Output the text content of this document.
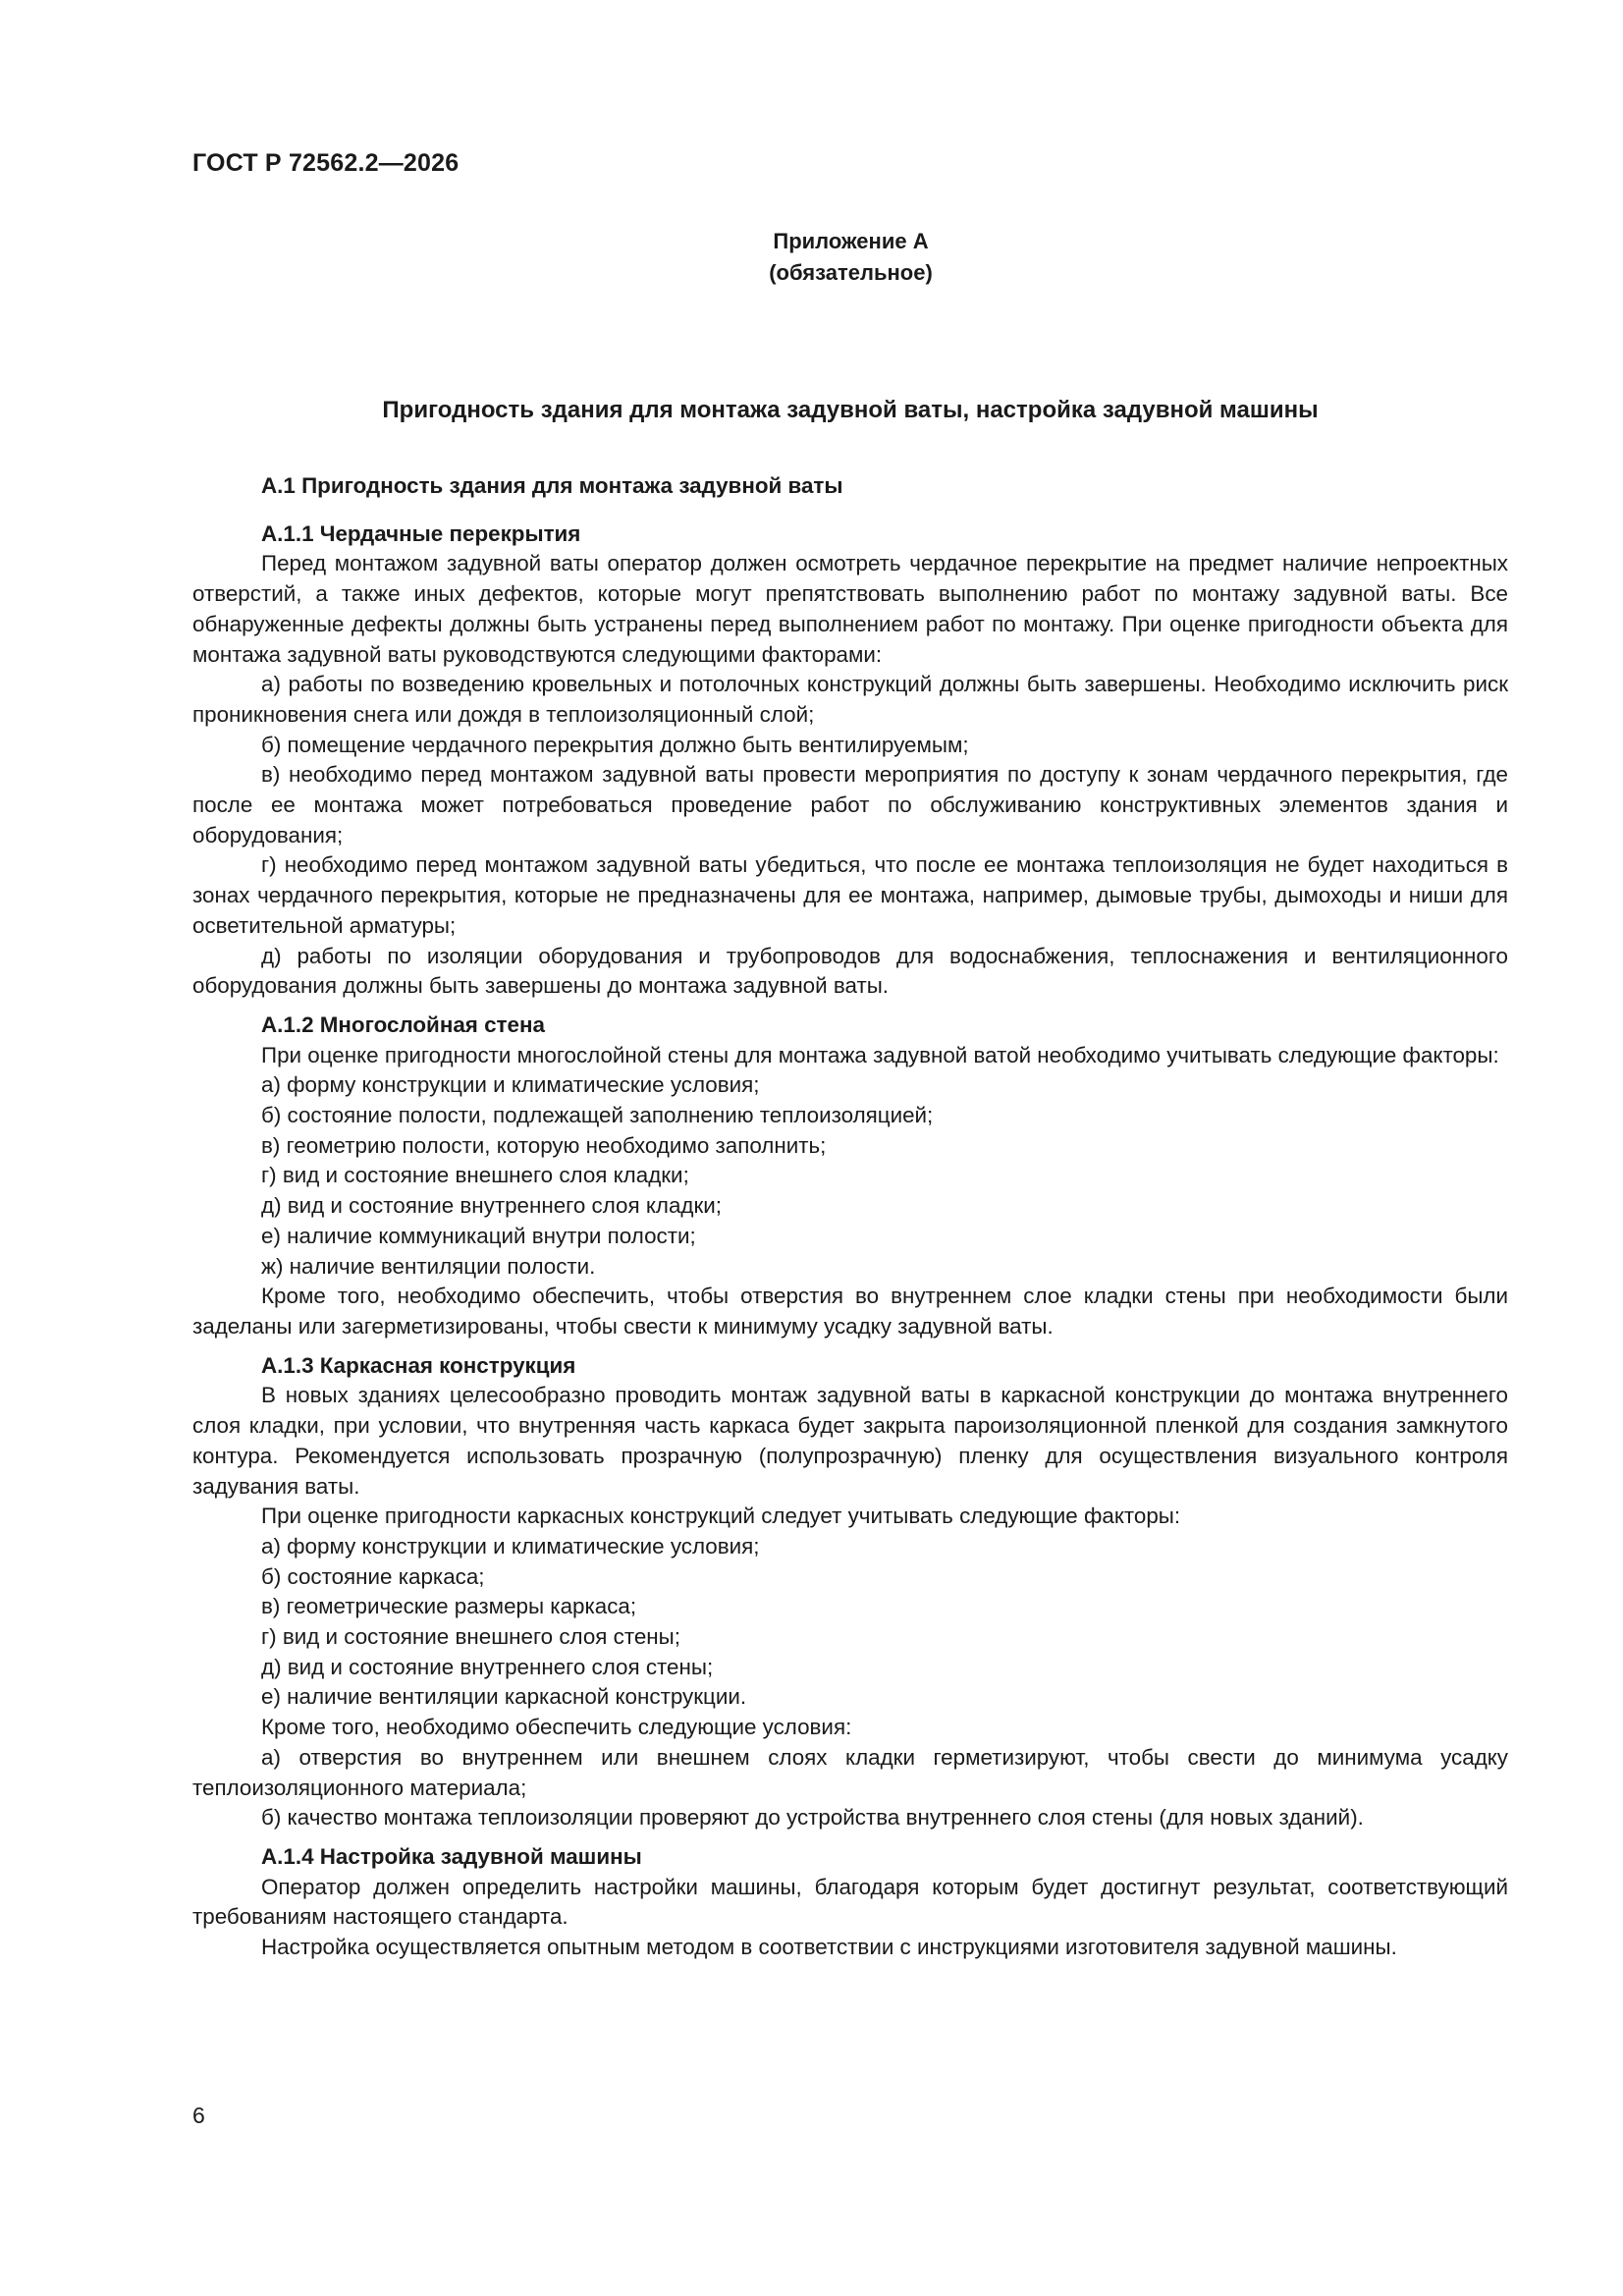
ГОСТ Р 72562.2—2026
Приложение А
(обязательное)
Пригодность здания для монтажа задувной ваты, настройка задувной машины

А.1 Пригодность здания для монтажа задувной ваты

А.1.1 Чердачные перекрытия

Перед монтажом задувной ваты оператор должен осмотреть чердачное перекрытие на предмет наличие непроектных отверстий, а также иных дефектов, которые могут препятствовать выполнению работ по монтажу задувной ваты. Все обнаруженные дефекты должны быть устранены перед выполнением работ по монтажу. При оценке пригодности объекта для монтажа задувной ваты руководствуются следующими факторами:

а) работы по возведению кровельных и потолочных конструкций должны быть завершены. Необходимо исключить риск проникновения снега или дождя в теплоизоляционный слой;

б) помещение чердачного перекрытия должно быть вентилируемым;

в) необходимо перед монтажом задувной ваты провести мероприятия по доступу к зонам чердачного перекрытия, где после ее монтажа может потребоваться проведение работ по обслуживанию конструктивных элементов здания и оборудования;

г) необходимо перед монтажом задувной ваты убедиться, что после ее монтажа теплоизоляция не будет находиться в зонах чердачного перекрытия, которые не предназначены для ее монтажа, например, дымовые трубы, дымоходы и ниши для осветительной арматуры;

д) работы по изоляции оборудования и трубопроводов для водоснабжения, теплоснажения и вентиляционного оборудования должны быть завершены до монтажа задувной ваты.

А.1.2 Многослойная стена

При оценке пригодности многослойной стены для монтажа задувной ватой необходимо учитывать следующие факторы:

а) форму конструкции и климатические условия;

б) состояние полости, подлежащей заполнению теплоизоляцией;

в) геометрию полости, которую необходимо заполнить;

г) вид и состояние внешнего слоя кладки;

д) вид и состояние внутреннего слоя кладки;

е) наличие коммуникаций внутри полости;

ж) наличие вентиляции полости.

Кроме того, необходимо обеспечить, чтобы отверстия во внутреннем слое кладки стены при необходимости были заделаны или загерметизированы, чтобы свести к минимуму усадку задувной ваты.

А.1.3 Каркасная конструкция

В новых зданиях целесообразно проводить монтаж задувной ваты в каркасной конструкции до монтажа внутреннего слоя кладки, при условии, что внутренняя часть каркаса будет закрыта пароизоляционной пленкой для создания замкнутого контура. Рекомендуется использовать прозрачную (полупрозрачную) пленку для осуществления визуального контроля задувания ваты.

При оценке пригодности каркасных конструкций следует учитывать следующие факторы:

а) форму конструкции и климатические условия;

б) состояние каркаса;

в) геометрические размеры каркаса;

г) вид и состояние внешнего слоя стены;

д) вид и состояние внутреннего слоя стены;

е) наличие вентиляции каркасной конструкции.

Кроме того, необходимо обеспечить следующие условия:

а) отверстия во внутреннем или внешнем слоях кладки герметизируют, чтобы свести до минимума усадку теплоизоляционного материала;

б) качество монтажа теплоизоляции проверяют до устройства внутреннего слоя стены (для новых зданий).

А.1.4 Настройка задувной машины

Оператор должен определить настройки машины, благодаря которым будет достигнут результат, соответствующий требованиям настоящего стандарта.

Настройка осуществляется опытным методом в соответствии с инструкциями изготовителя задувной машины.

6
